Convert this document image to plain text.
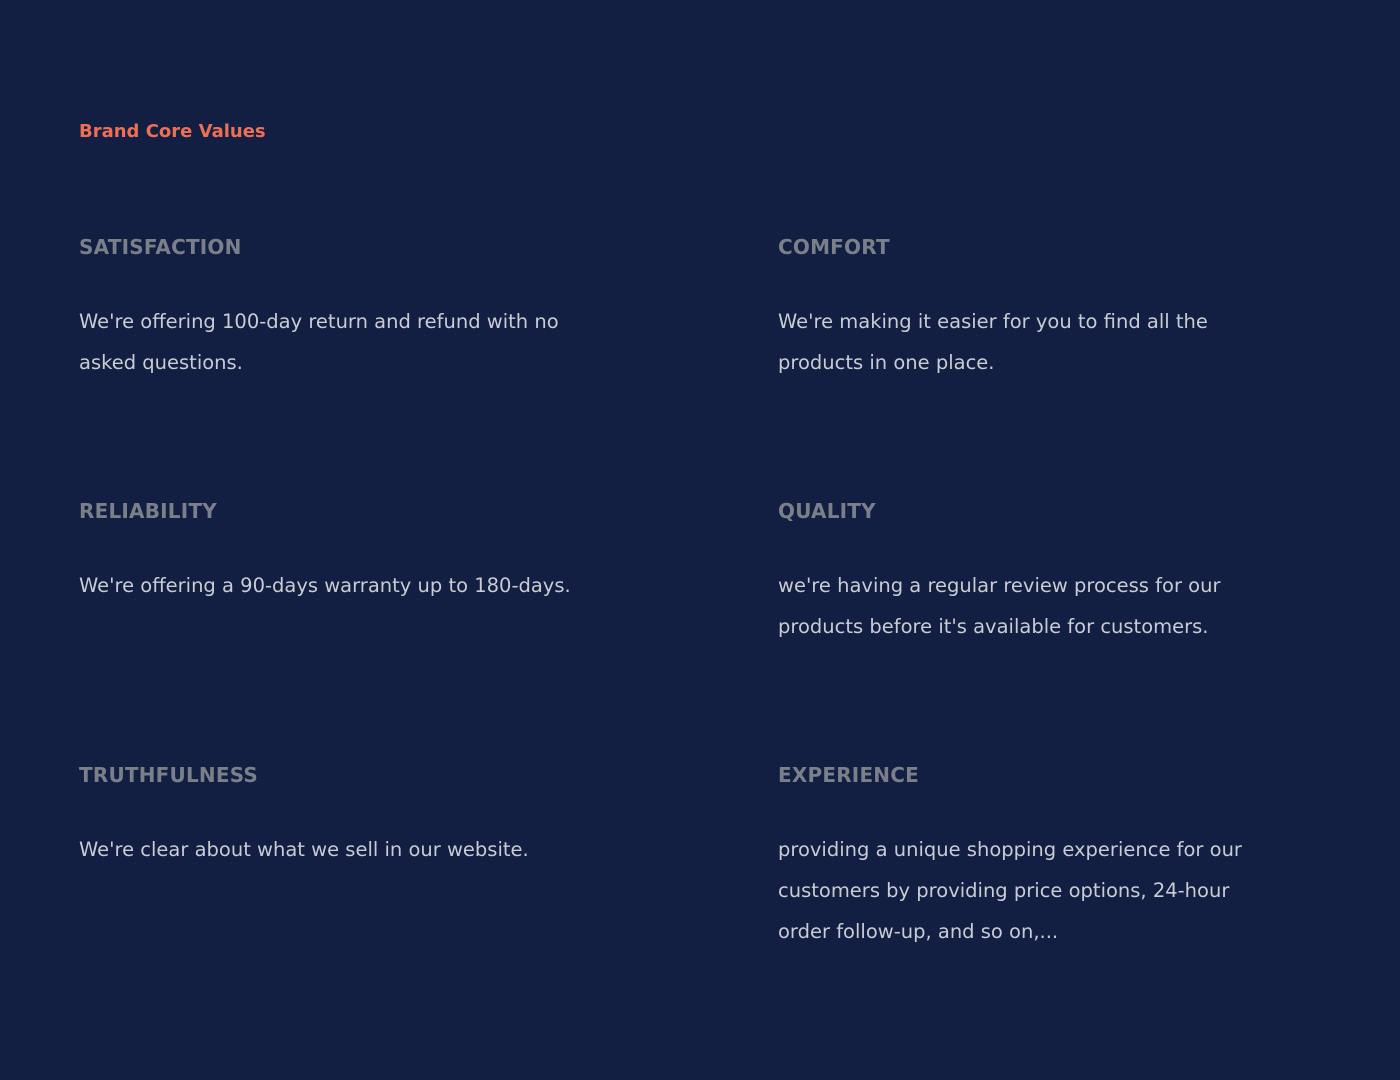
Brand Core Values
SATISFACTION

We're offering 100-day return and refund with no asked questions.

COMFORT

We're making it easier for you to find all the products in one place.

RELIABILITY

We're offering a 90-days warranty up to 180-days.

QUALITY

we're having a regular review process for our products before it's available for customers.

TRUTHFULNESS

We're clear about what we sell in our website.

EXPERIENCE

providing a unique shopping experience for our customers by providing price options, 24-hour order follow-up, and so on,...
